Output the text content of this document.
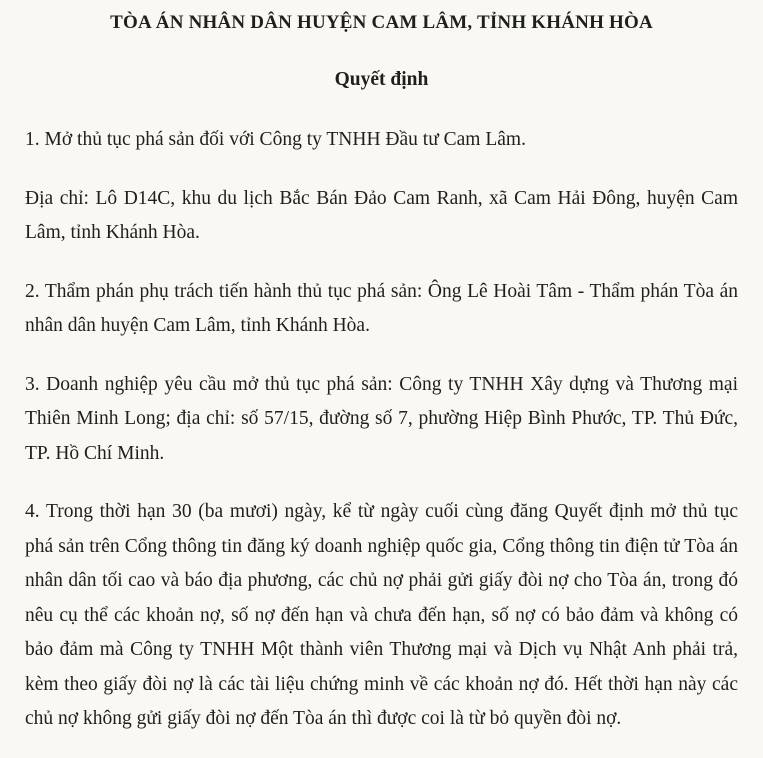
TÒA ÁN NHÂN DÂN HUYỆN CAM LÂM, TỈNH KHÁNH HÒA
Quyết định

1. Mở thủ tục phá sản đối với Công ty TNHH Đầu tư Cam Lâm.

Địa chỉ: Lô D14C, khu du lịch Bắc Bán Đảo Cam Ranh, xã Cam Hải Đông, huyện Cam Lâm, tỉnh Khánh Hòa.

2. Thẩm phán phụ trách tiến hành thủ tục phá sản: Ông Lê Hoài Tâm - Thẩm phán Tòa án nhân dân huyện Cam Lâm, tỉnh Khánh Hòa.

3. Doanh nghiệp yêu cầu mở thủ tục phá sản: Công ty TNHH Xây dựng và Thương mại Thiên Minh Long; địa chỉ: số 57/15, đường số 7, phường Hiệp Bình Phước, TP. Thủ Đức, TP. Hồ Chí Minh.

4. Trong thời hạn 30 (ba mươi) ngày, kể từ ngày cuối cùng đăng Quyết định mở thủ tục phá sản trên Cổng thông tin đăng ký doanh nghiệp quốc gia, Cổng thông tin điện tử Tòa án nhân dân tối cao và báo địa phương, các chủ nợ phải gửi giấy đòi nợ cho Tòa án, trong đó nêu cụ thể các khoản nợ, số nợ đến hạn và chưa đến hạn, số nợ có bảo đảm và không có bảo đảm mà Công ty TNHH Một thành viên Thương mại và Dịch vụ Nhật Anh phải trả, kèm theo giấy đòi nợ là các tài liệu chứng minh về các khoản nợ đó. Hết thời hạn này các chủ nợ không gửi giấy đòi nợ đến Tòa án thì được coi là từ bỏ quyền đòi nợ.
